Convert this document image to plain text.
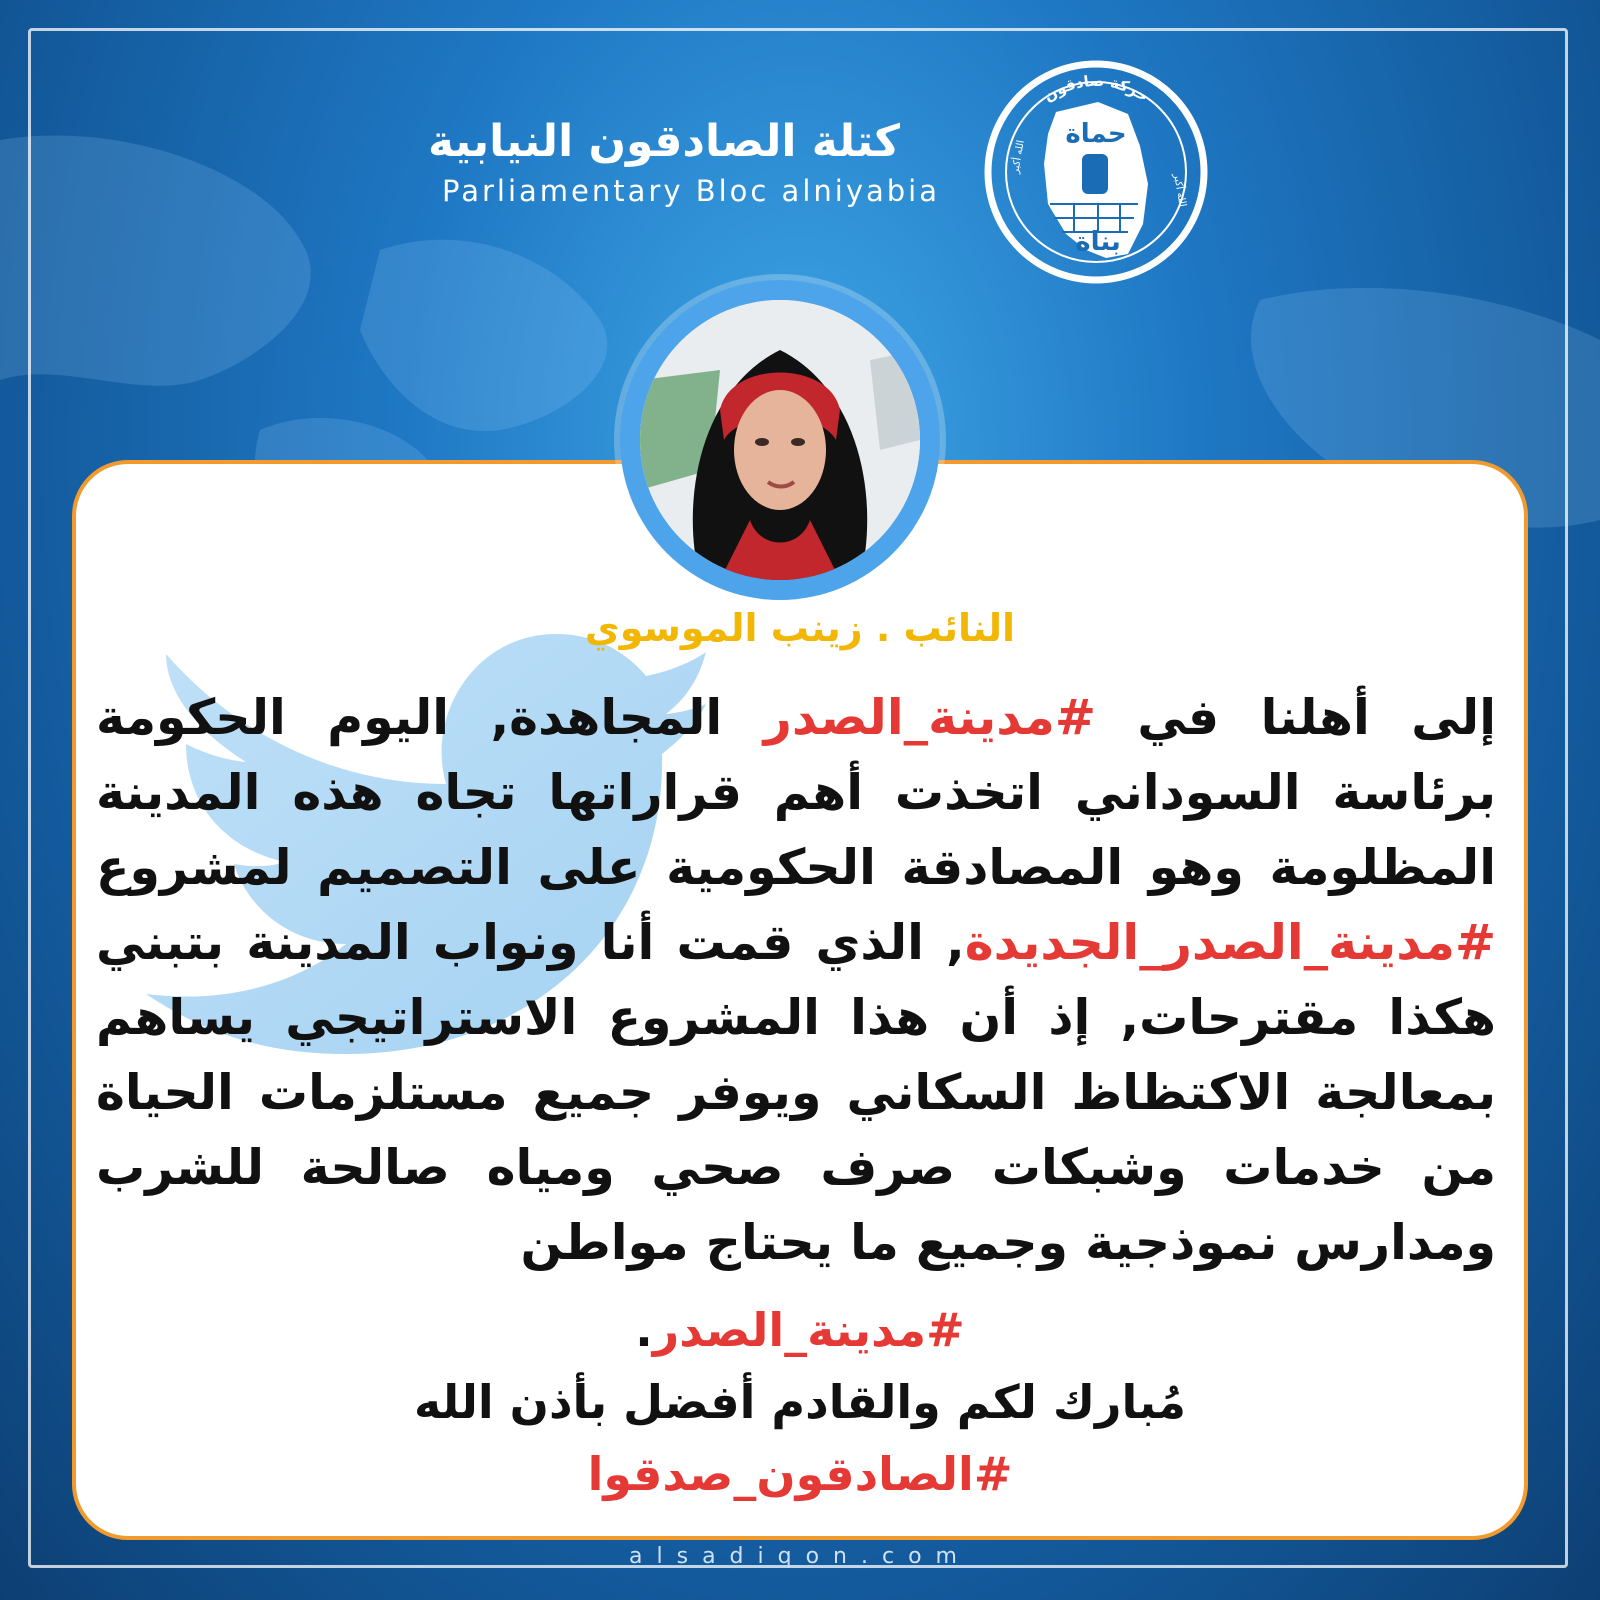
حركة صادقون
حماة
بناة
الله أكبر
الله أكبر
كتلة الصادقون النيابية
Parliamentary Bloc alniyabia
النائب . زينب الموسوي
إلى أهلنا في #مدينة_الصدر المجاهدة, اليوم الحكومة برئاسة السوداني اتخذت أهم قراراتها تجاه هذه المدينة المظلومة وهو المصادقة الحكومية على التصميم لمشروع #مدينة_الصدر_الجديدة, الذي قمت أنا ونواب المدينة بتبني هكذا مقترحات, إذ أن هذا المشروع الاستراتيجي يساهم بمعالجة الاكتظاظ السكاني ويوفر جميع مستلزمات الحياة من خدمات وشبكات صرف صحي ومياه صالحة للشرب ومدارس نموذجية وجميع ما يحتاج مواطن
#مدينة_الصدر.
مُبارك لكم والقادم أفضل بأذن الله
#الصادقون_صدقوا
alsadiqon.com
